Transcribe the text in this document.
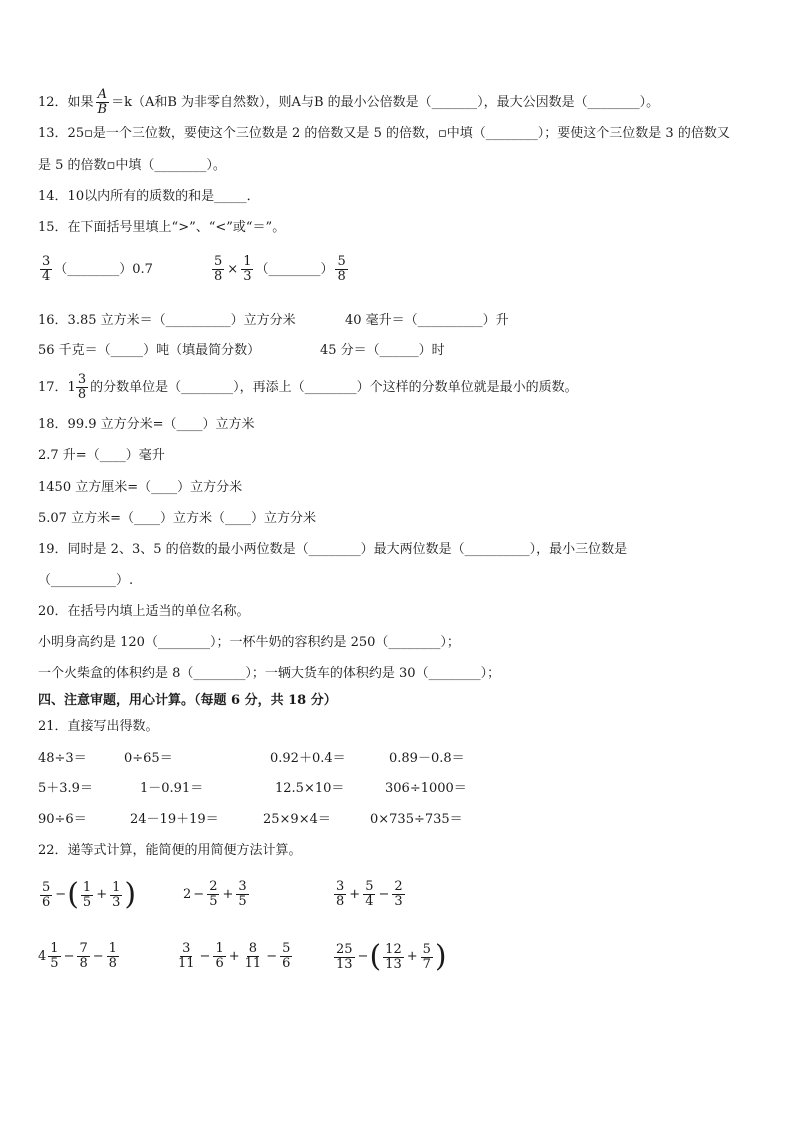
12．如果 $\frac{A}{B} =k(A$和B 为非零自然数），则A与B 的最小公倍数是（_______），最大公因数是（________）。
13．25▫是一个三位数，要使这个三位数是 2 的倍数又是 5 的倍数，▫中填（________）；要使这个三位数是 3 的倍数又
是 5 的倍数▫中填（________）。
14．10以内所有的质数的和是_____．
15．在下面括号里填上“>”、“<”或“＝”。
$\frac{3}{4}$ （________）0.7	$\frac{5}{8} \times \frac{1}{3}$ （________） $\frac{5}{8}$
16．3.85 立方米＝（__________）立方分米	40 毫升＝（__________）升
56 千克＝（_____）吨（填最简分数）	45 分＝（______）时
17． $1 \frac{3}{8}$ 的分数单位是（________），再添上（________）个这样的分数单位就是最小的质数。
18．99.9 立方分米=（____）立方米
2.7 升=（____）毫升
1450 立方厘米=（____）立方分米
5.07 立方米=（____）立方米（____）立方分米
19．同时是 2、3、5 的倍数的最小两位数是（________）最大两位数是（__________），最小三位数是
（__________）.
20．在括号内填上适当的单位名称。
小明身高约是 120（________）；一杯牛奶的容积约是 250（________）；
一个火柴盒的体积约是 8（________）；一辆大货车的体积约是 30（________）；
四、注意审题，用心计算。（每题 6 分，共 18 分）
21．直接写出得数。
48÷3＝	0÷65＝	0.92＋0.4＝	0.89－0.8＝
5＋3.9＝	1－0.91＝	12.5×10＝	306÷1000＝
90÷6＝	24－19＋19＝	25×9×4＝	0×735÷735＝
22．递等式计算，能简便的用简便方法计算。
$\frac{5}{6}$ −( $\frac{1}{5} + \frac{1}{3}$ )	$2 - \frac{2}{5} + \frac{3}{5}$	$\frac{3}{8} + \frac{5}{4} - \frac{2}{3}$
$4 \frac{1}{5} - \frac{7}{8} - \frac{1}{8}$	$\frac{3}{11} - \frac{1}{6} + \frac{8}{11} - \frac{5}{6}$	$\frac{25}{13}$ −( $\frac{12}{13} + \frac{5}{7}$ )
